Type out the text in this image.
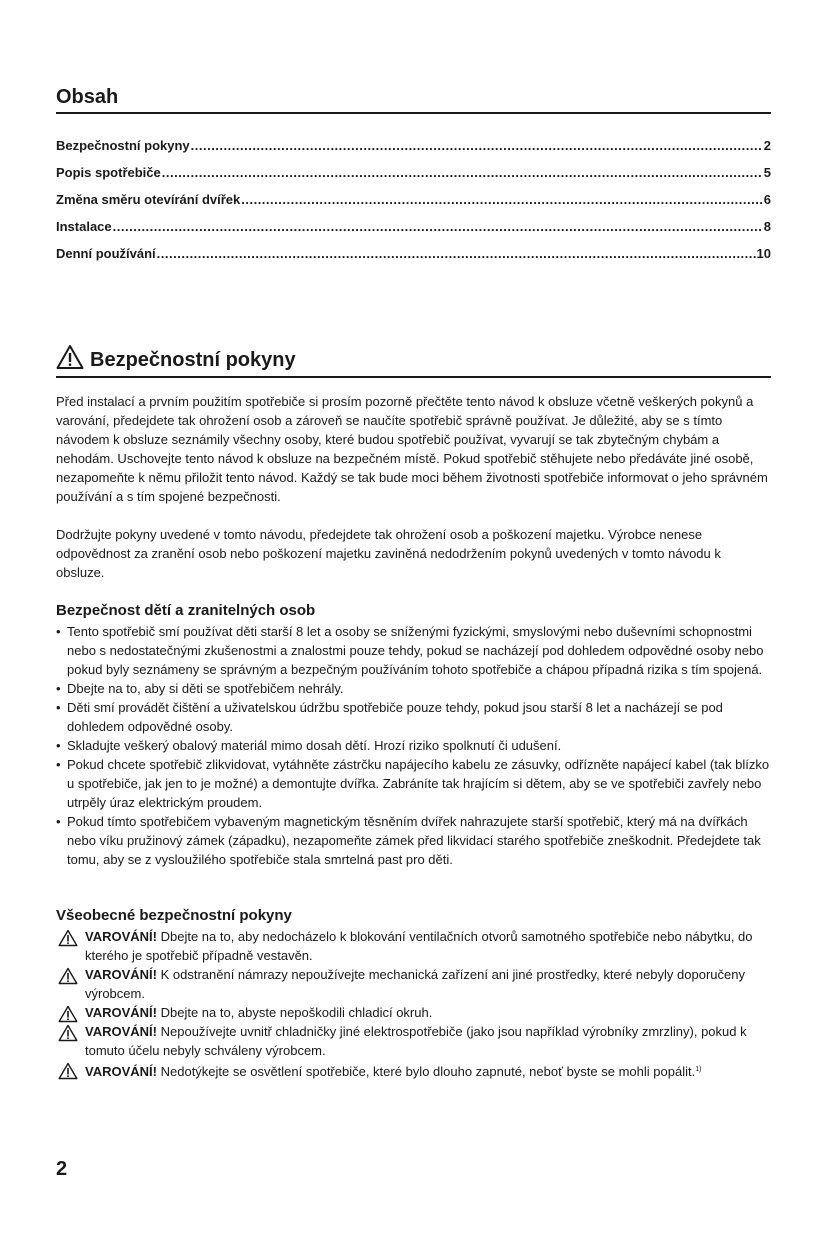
Obsah
Bezpečnostní pokyny .....	2
Popis spotřebiče .....	5
Změna směru otevírání dvířek .....	6
Instalace .....	8
Denní používání .....	10
Bezpečnostní pokyny

Před instalací a prvním použitím spotřebiče si prosím pozorně přečtěte tento návod k obsluze včetně veškerých pokynů a varování, předejdete tak ohrožení osob a zároveň se naučíte spotřebič správně používat. Je důležité, aby se s tímto návodem k obsluze seznámily všechny osoby, které budou spotřebič používat, vyvarují se tak zbytečným chybám a nehodám. Uschovejte tento návod k obsluze na bezpečném místě. Pokud spotřebič stěhujete nebo předáváte jiné osobě, nezapomeňte k němu přiložit tento návod. Každý se tak bude moci během životnosti spotřebiče informovat o jeho správném používání a s tím spojené bezpečnosti.

Dodržujte pokyny uvedené v tomto návodu, předejdete tak ohrožení osob a poškození majetku. Výrobce nenese odpovědnost za zranění osob nebo poškození majetku zaviněná nedodržením pokynů uvedených v tomto návodu k obsluze.

Bezpečnost dětí a zranitelných osob
• Tento spotřebič smí používat děti starší 8 let a osoby se sníženými fyzickými, smyslovými nebo duševními schopnostmi nebo s nedostatečnými zkušenostmi a znalostmi pouze tehdy, pokud se nacházejí pod dohledem odpovědné osoby nebo pokud byly seznámeny se správným a bezpečným používáním tohoto spotřebiče a chápou případná rizika s tím spojená.
• Dbejte na to, aby si děti se spotřebičem nehrály.
• Děti smí provádět čištění a uživatelskou údržbu spotřebiče pouze tehdy, pokud jsou starší 8 let a nacházejí se pod dohledem odpovědné osoby.
• Skladujte veškerý obalový materiál mimo dosah dětí. Hrozí riziko spolknutí či udušení.
• Pokud chcete spotřebič zlikvidovat, vytáhněte zástrčku napájecího kabelu ze zásuvky, odřízněte napájecí kabel (tak blízko u spotřebiče, jak jen to je možné) a demontujte dvířka. Zabráníte tak hrajícím si dětem, aby se ve spotřebiči zavřely nebo utrpěly úraz elektrickým proudem.
• Pokud tímto spotřebičem vybaveným magnetickým těsněním dvířek nahrazujete starší spotřebič, který má na dvířkách nebo víku pružinový zámek (západku), nezapomeňte zámek před likvidací starého spotřebiče zneškodnit. Předejdete tak tomu, aby se z vysloužilého spotřebiče stala smrtelná past pro děti.
Všeobecné bezpečnostní pokyny
VAROVÁNÍ! Dbejte na to, aby nedocházelo k blokování ventilačních otvorů samotného spotřebiče nebo nábytku, do kterého je spotřebič případně vestavěn.
VAROVÁNÍ! K odstranění námrazy nepoužívejte mechanická zařízení ani jiné prostředky, které nebyly doporučeny výrobcem.
VAROVÁNÍ! Dbejte na to, abyste nepoškodili chladicí okruh.
VAROVÁNÍ! Nepoužívejte uvnitř chladničky jiné elektrospotřebiče (jako jsou například výrobníky zmrzliny), pokud k tomuto účelu nebyly schváleny výrobcem.
VAROVÁNÍ! Nedotýkejte se osvětlení spotřebiče, které bylo dlouho zapnuté, neboť byste se mohli popálit.$^{1)}$
2
